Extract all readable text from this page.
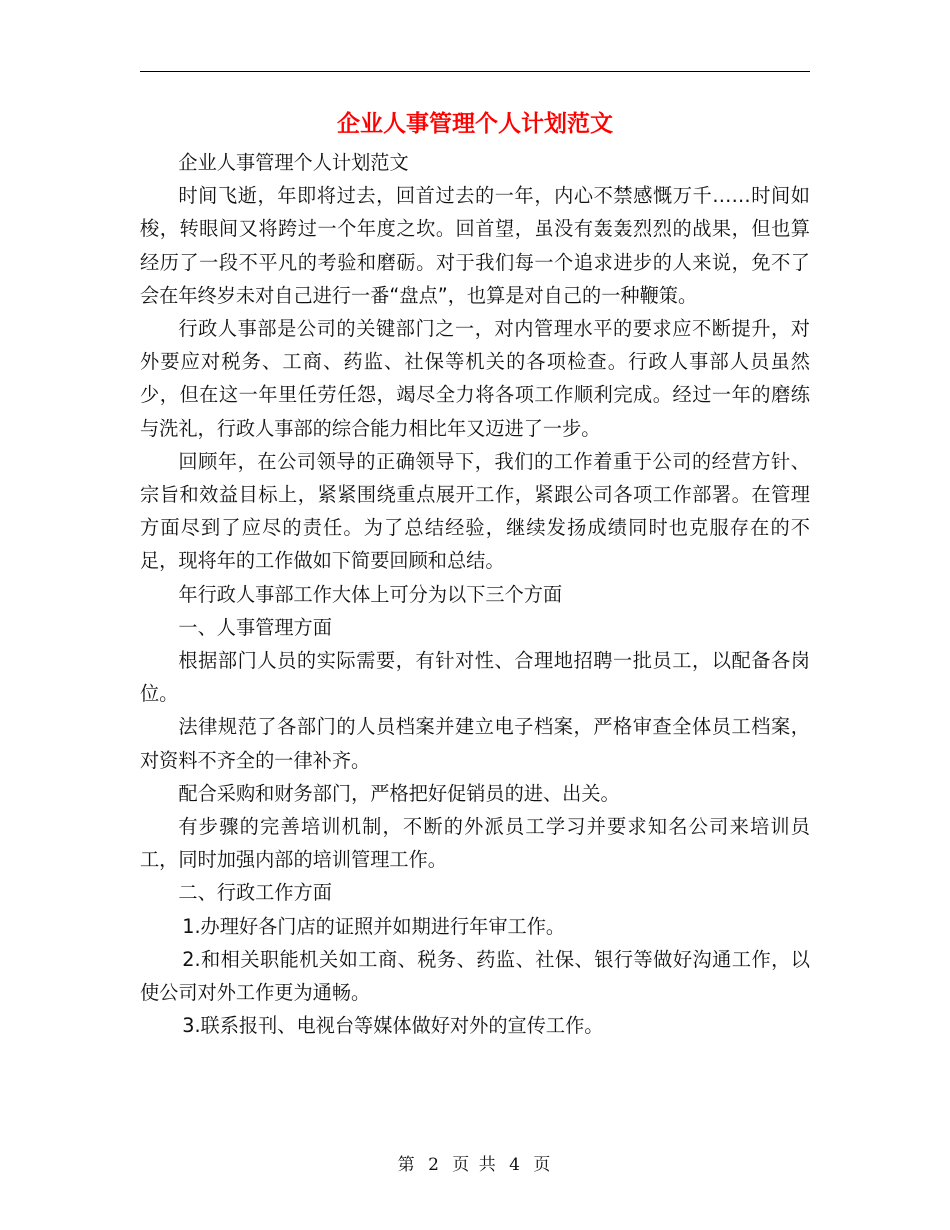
企业人事管理个人计划范文

企业人事管理个人计划范文

时间飞逝，年即将过去，回首过去的一年，内心不禁感慨万千……时间如梭，转眼间又将跨过一个年度之坎。回首望，虽没有轰轰烈烈的战果，但也算经历了一段不平凡的考验和磨砺。对于我们每一个追求进步的人来说，免不了会在年终岁未对自己进行一番“盘点”，也算是对自己的一种鞭策。

行政人事部是公司的关键部门之一，对内管理水平的要求应不断提升，对外要应对税务、工商、药监、社保等机关的各项检查。行政人事部人员虽然少，但在这一年里任劳任怨，竭尽全力将各项工作顺利完成。经过一年的磨练与洗礼，行政人事部的综合能力相比年又迈进了一步。

回顾年，在公司领导的正确领导下，我们的工作着重于公司的经营方针、宗旨和效益目标上，紧紧围绕重点展开工作，紧跟公司各项工作部署。在管理方面尽到了应尽的责任。为了总结经验，继续发扬成绩同时也克服存在的不足，现将年的工作做如下简要回顾和总结。

年行政人事部工作大体上可分为以下三个方面

一、人事管理方面

根据部门人员的实际需要，有针对性、合理地招聘一批员工，以配备各岗位。

法律规范了各部门的人员档案并建立电子档案，严格审查全体员工档案，对资料不齐全的一律补齐。

配合采购和财务部门，严格把好促销员的进、出关。

有步骤的完善培训机制，不断的外派员工学习并要求知名公司来培训员工，同时加强内部的培训管理工作。

二、行政工作方面

1.办理好各门店的证照并如期进行年审工作。

2.和相关职能机关如工商、税务、药监、社保、银行等做好沟通工作，以使公司对外工作更为通畅。

3.联系报刊、电视台等媒体做好对外的宣传工作。

第 2 页 共 4 页
